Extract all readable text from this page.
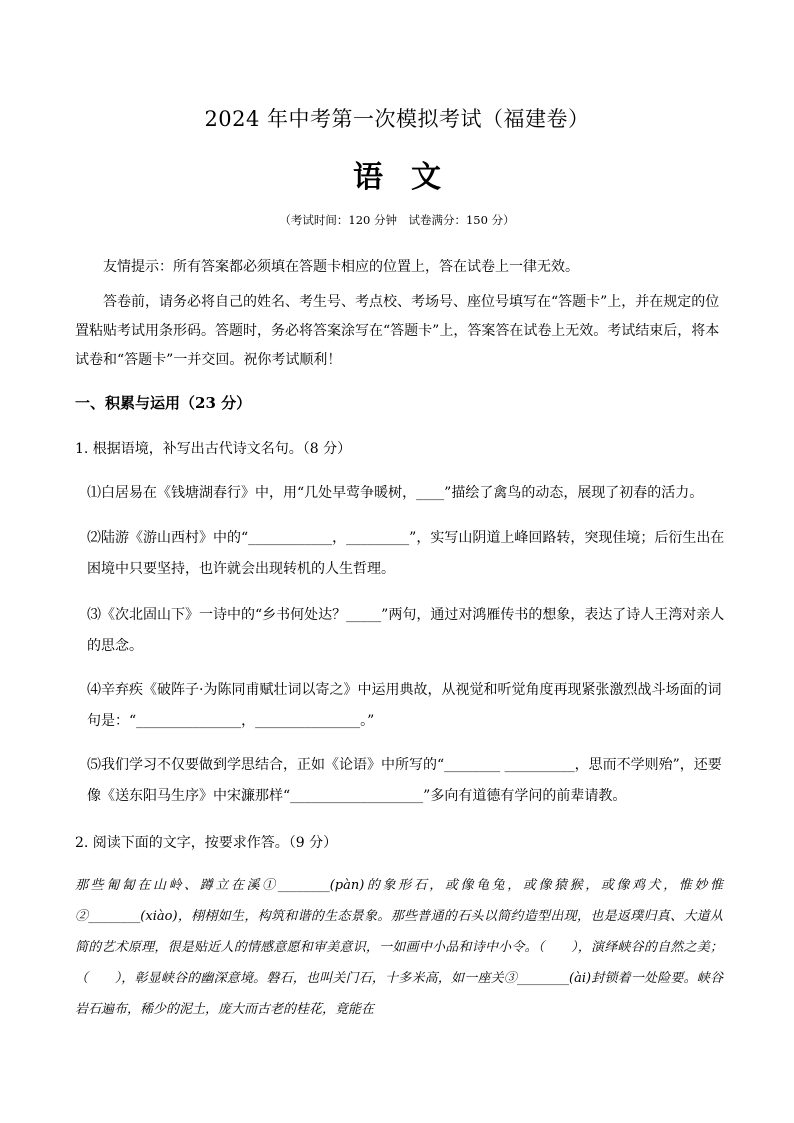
2024 年中考第一次模拟考试（福建卷）
语文
（考试时间：120 分钟　试卷满分：150 分）
友情提示：所有答案都必须填在答题卡相应的位置上，答在试卷上一律无效。
答卷前，请务必将自己的姓名、考生号、考点校、考场号、座位号填写在“答题卡”上，并在规定的位置粘贴考试用条形码。答题时，务必将答案涂写在“答题卡”上，答案答在试卷上无效。考试结束后，将本试卷和“答题卡”一并交回。祝你考试顺利！
一、积累与运用（23 分）
1. 根据语境，补写出古代诗文名句。（8 分）
⑴白居易在《钱塘湖春行》中，用“几处早莺争暖树，____”描绘了禽鸟的动态，展现了初春的活力。
⑵陆游《游山西村》中的“____________，_________”，实写山阴道上峰回路转，突现佳境；后衍生出在困境中只要坚持，也许就会出现转机的人生哲理。
⑶《次北固山下》一诗中的“乡书何处达？_____”两句，通过对鸿雁传书的想象，表达了诗人王湾对亲人的思念。
⑷辛弃疾《破阵子·为陈同甫赋壮词以寄之》中运用典故，从视觉和听觉角度再现紧张激烈战斗场面的词句是：“_______________，_______________。”
⑸我们学习不仅要做到学思结合，正如《论语》中所写的“________ __________，思而不学则殆”，还要像《送东阳马生序》中宋濂那样“___________________”多向有道德有学问的前辈请教。
2. 阅读下面的文字，按要求作答。（9 分）
那些匍匐在山岭、蹲立在溪①________(pàn)的象形石，或像龟兔，或像猿猴，或像鸡犬，惟妙惟②________(xiào)，栩栩如生，构筑和谐的生态景象。那些普通的石头以简约造型出现，也是返璞归真、大道从简的艺术原理，很是贴近人的情感意愿和审美意识，一如画中小品和诗中小令。（　　），演绎峡谷的自然之美；（　　），彰显峡谷的幽深意境。磐石，也叫关门石，十多米高，如一座关③________(ài)封锁着一处险要。峡谷岩石遍布，稀少的泥土，庞大而古老的桂花，竟能在
